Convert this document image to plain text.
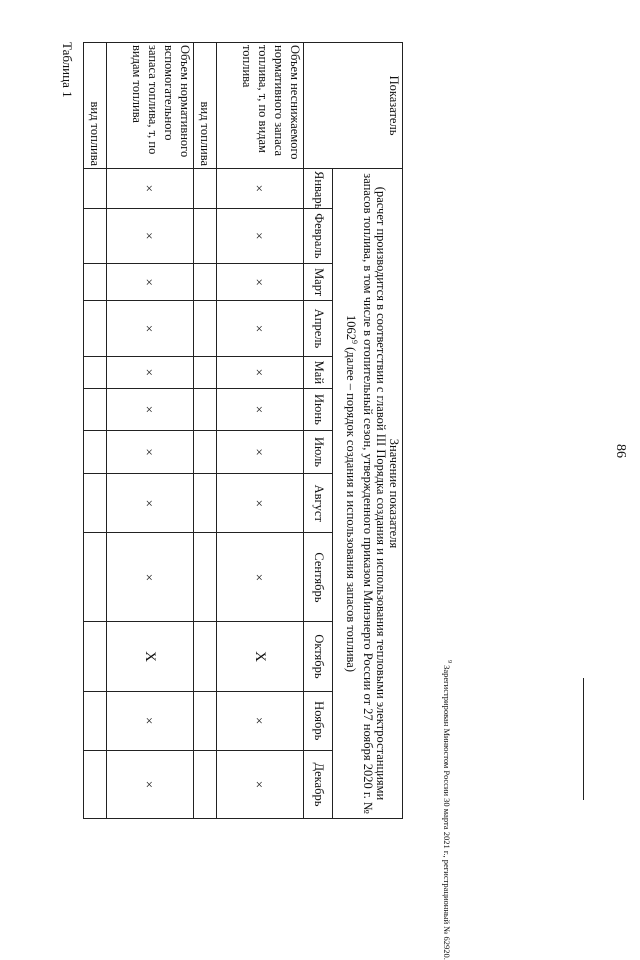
86
Таблица 1
Показатель	Значение показателя
(расчет производится в соответствии с главой III Порядка создания и использования тепловыми электростанциями запасов топлива, в том числе в отопительный сезон, утвержденного приказом Минэнерго России от 27 ноября 2020 г. № 1062$^9$ (далее – порядок создания и использования запасов топлива)											

	Январь	Февраль	Март	Апрель	Май	Июнь	Июль	Август	Сентябрь	Октябрь	Ноябрь	Декабрь
Объем неснижаемого нормативного запаса топлива, т, по видам топлива	×	×	×	×	×	×	×	×	×	X	×	×
вид топлива												
Объем нормативного вспомогательного запаса топлива, т, по видам топлива	×	×	×	×	×	×	×	×	×	X	×	×
вид топлива												
$^9$ Зарегистрирован Минюстом России 30 марта 2021 г., регистрационный № 62920.
